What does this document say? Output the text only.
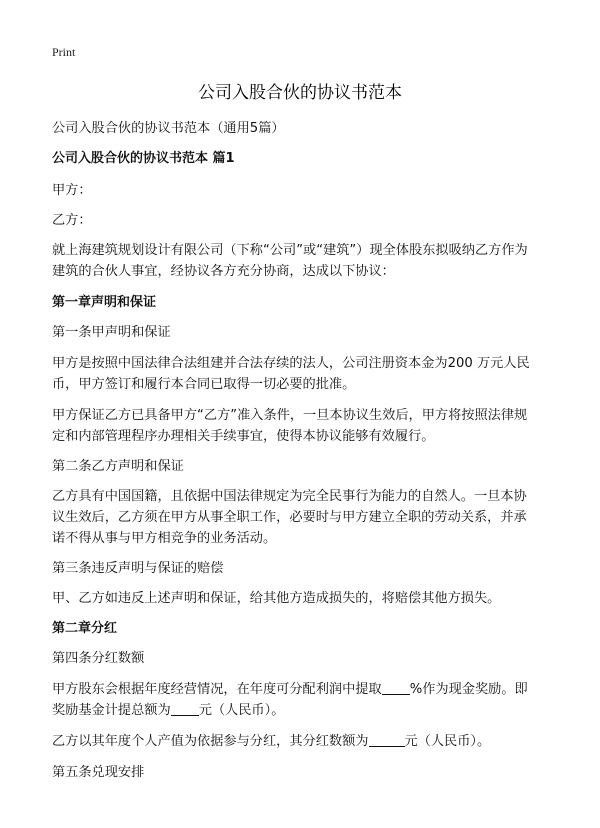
Print
公司入股合伙的协议书范本
公司入股合伙的协议书范本（通用5篇）
公司入股合伙的协议书范本 篇1
甲方：
乙方：
就上海建筑规划设计有限公司（下称“公司”或“建筑”）现全体股东拟吸纳乙方作为
建筑的合伙人事宜，经协议各方充分协商，达成以下协议：
第一章声明和保证
第一条甲声明和保证
甲方是按照中国法律合法组建并合法存续的法人，公司注册资本金为200 万元人民
币，甲方签订和履行本合同已取得一切必要的批准。
甲方保证乙方已具备甲方“乙方”准入条件，一旦本协议生效后，甲方将按照法律规
定和内部管理程序办理相关手续事宜，使得本协议能够有效履行。
第二条乙方声明和保证
乙方具有中国国籍，且依据中国法律规定为完全民事行为能力的自然人。一旦本协
议生效后，乙方须在甲方从事全职工作，必要时与甲方建立全职的劳动关系，并承
诺不得从事与甲方相竞争的业务活动。
第三条违反声明与保证的赔偿
甲、乙方如违反上述声明和保证，给其他方造成损失的，将赔偿其他方损失。
第二章分红
第四条分红数额
甲方股东会根据年度经营情况，在年度可分配利润中提取 %作为现金奖励。即
奖励基金计提总额为 元（人民币）。
乙方以其年度个人产值为依据参与分红，其分红数额为	元（人民币）。
第五条兑现安排
